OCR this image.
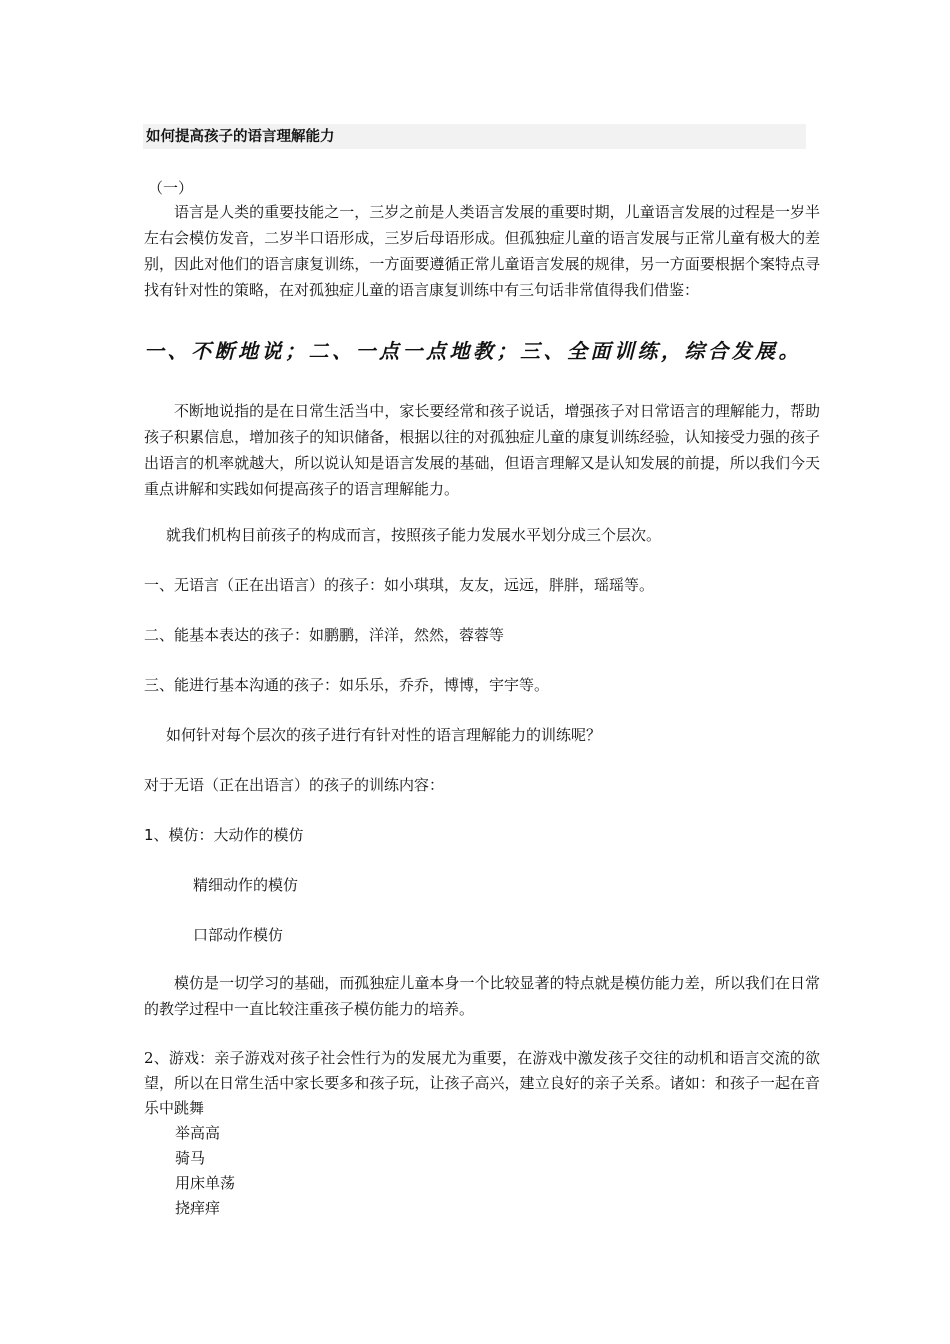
如何提高孩子的语言理解能力
（一）

语言是人类的重要技能之一，三岁之前是人类语言发展的重要时期，儿童语言发展的过程是一岁半左右会模仿发音，二岁半口语形成，三岁后母语形成。但孤独症儿童的语言发展与正常儿童有极大的差别，因此对他们的语言康复训练，一方面要遵循正常儿童语言发展的规律，另一方面要根据个案特点寻找有针对性的策略，在对孤独症儿童的语言康复训练中有三句话非常值得我们借鉴：

一、不断地说；二、一点一点地教；三、全面训练，综合发展。

不断地说指的是在日常生活当中，家长要经常和孩子说话，增强孩子对日常语言的理解能力，帮助孩子积累信息，增加孩子的知识储备，根据以往的对孤独症儿童的康复训练经验，认知接受力强的孩子出语言的机率就越大，所以说认知是语言发展的基础，但语言理解又是认知发展的前提，所以我们今天重点讲解和实践如何提高孩子的语言理解能力。

就我们机构目前孩子的构成而言，按照孩子能力发展水平划分成三个层次。

一、无语言（正在出语言）的孩子：如小琪琪，友友，远远，胖胖，瑶瑶等。

二、能基本表达的孩子：如鹏鹏，洋洋，然然，蓉蓉等

三、能进行基本沟通的孩子：如乐乐，乔乔，博博，宇宇等。

如何针对每个层次的孩子进行有针对性的语言理解能力的训练呢？

对于无语（正在出语言）的孩子的训练内容：

1、模仿：大动作的模仿

精细动作的模仿

口部动作模仿

模仿是一切学习的基础，而孤独症儿童本身一个比较显著的特点就是模仿能力差，所以我们在日常的教学过程中一直比较注重孩子模仿能力的培养。

2、游戏：亲子游戏对孩子社会性行为的发展尤为重要，在游戏中激发孩子交往的动机和语言交流的欲望，所以在日常生活中家长要多和孩子玩，让孩子高兴，建立良好的亲子关系。诸如：和孩子一起在音乐中跳舞

举高高

骑马

用床单荡

挠痒痒
